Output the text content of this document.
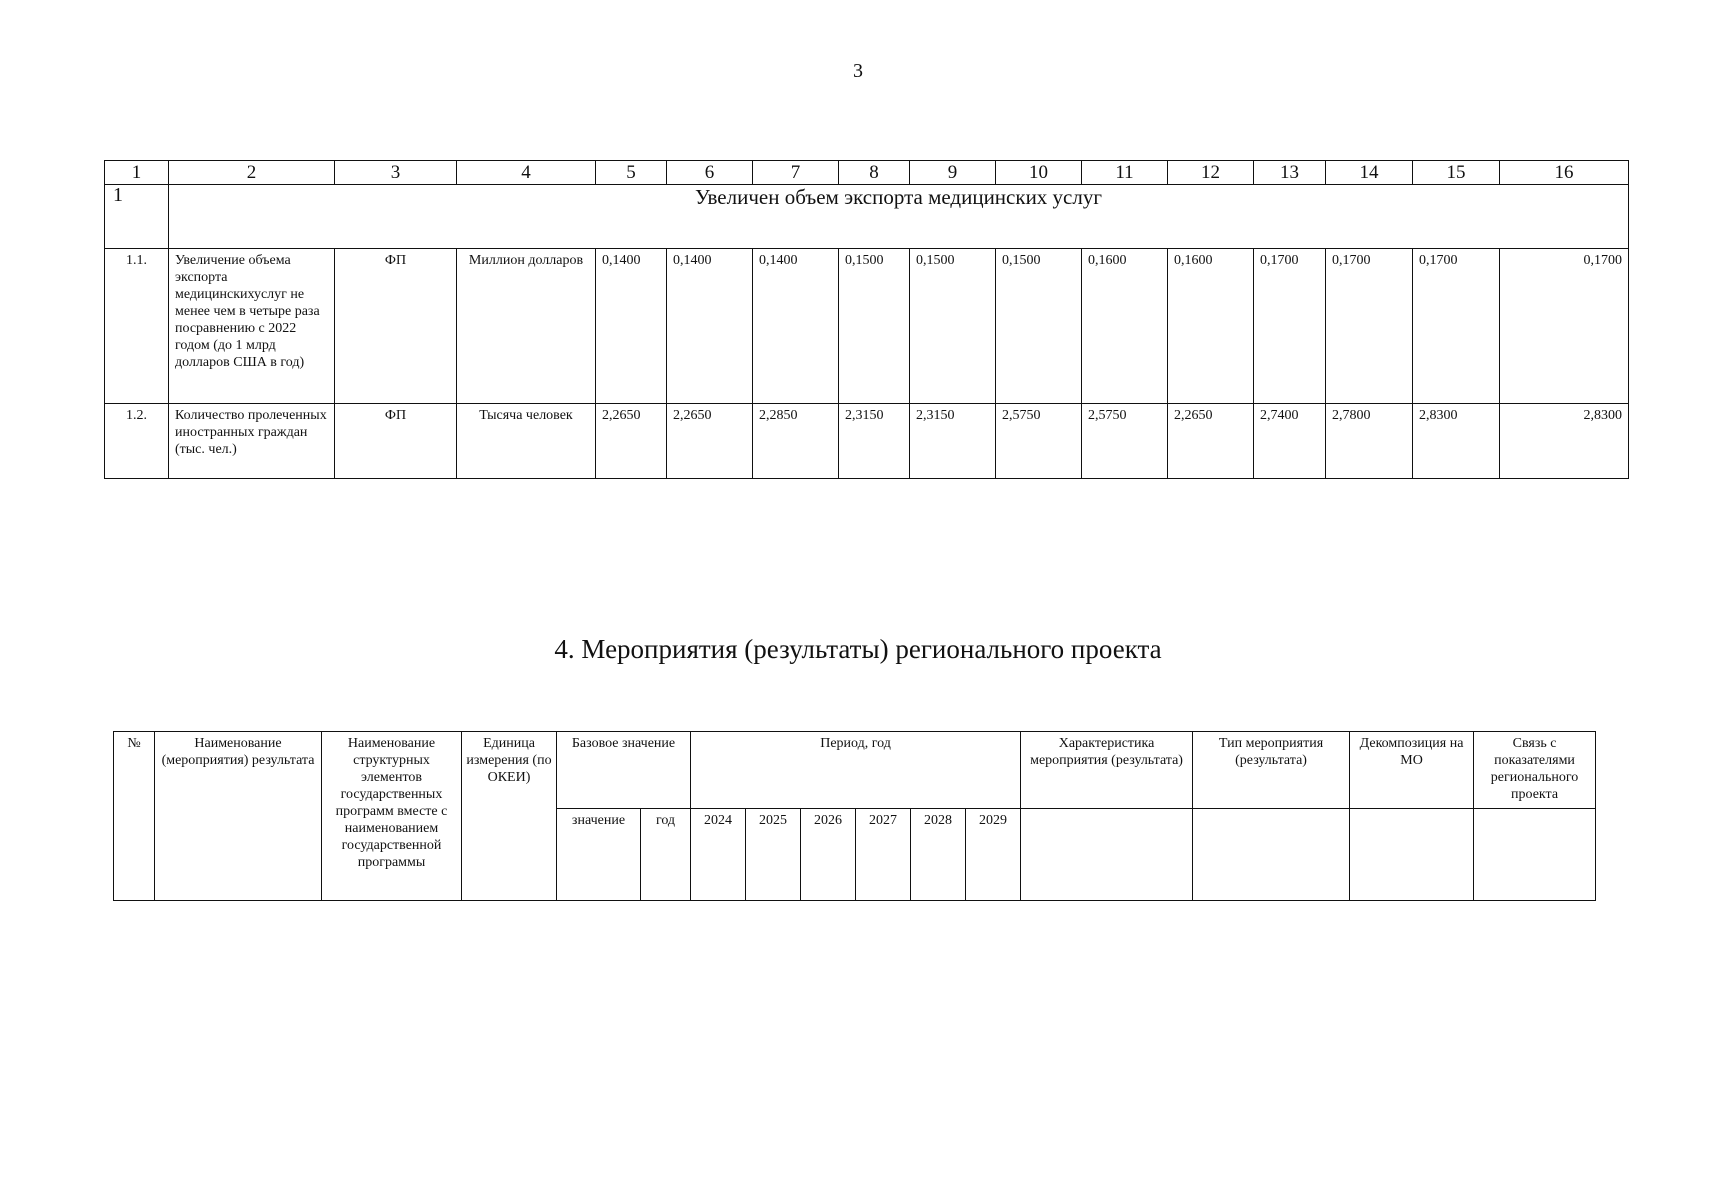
3
1	2	3	4	5	6	7	8	9	10	11	12	13	14	15	16
1	Увеличен объем экспорта медицинских услуг														
1.1.	Увеличение объема экспорта медицинскихуслуг не менее чем в четыре раза посравнению с 2022 годом (до 1 млрд долларов США в год)	ФП	Миллион долларов	0,1400	0,1400	0,1400	0,1500	0,1500	0,1500	0,1600	0,1600	0,1700	0,1700	0,1700	0,1700
1.2.	Количество пролеченных иностранных граждан (тыс. чел.)	ФП	Тысяча человек	2,2650	2,2650	2,2850	2,3150	2,3150	2,5750	2,5750	2,2650	2,7400	2,7800	2,8300	2,8300
4. Мероприятия (результаты) регионального проекта
№	Наименование (мероприятия) результата	Наименование структурных элементов государственных программ вместе с наименованием государственной программы	Единица измерения (по ОКЕИ)	Базовое значение		Период, год						Характеристика мероприятия (результата)	Тип мероприятия (результата)	Декомпозиция на МО	Связь с показателями регионального проекта
				значение	год	2024	2025	2026	2027	2028	2029				
